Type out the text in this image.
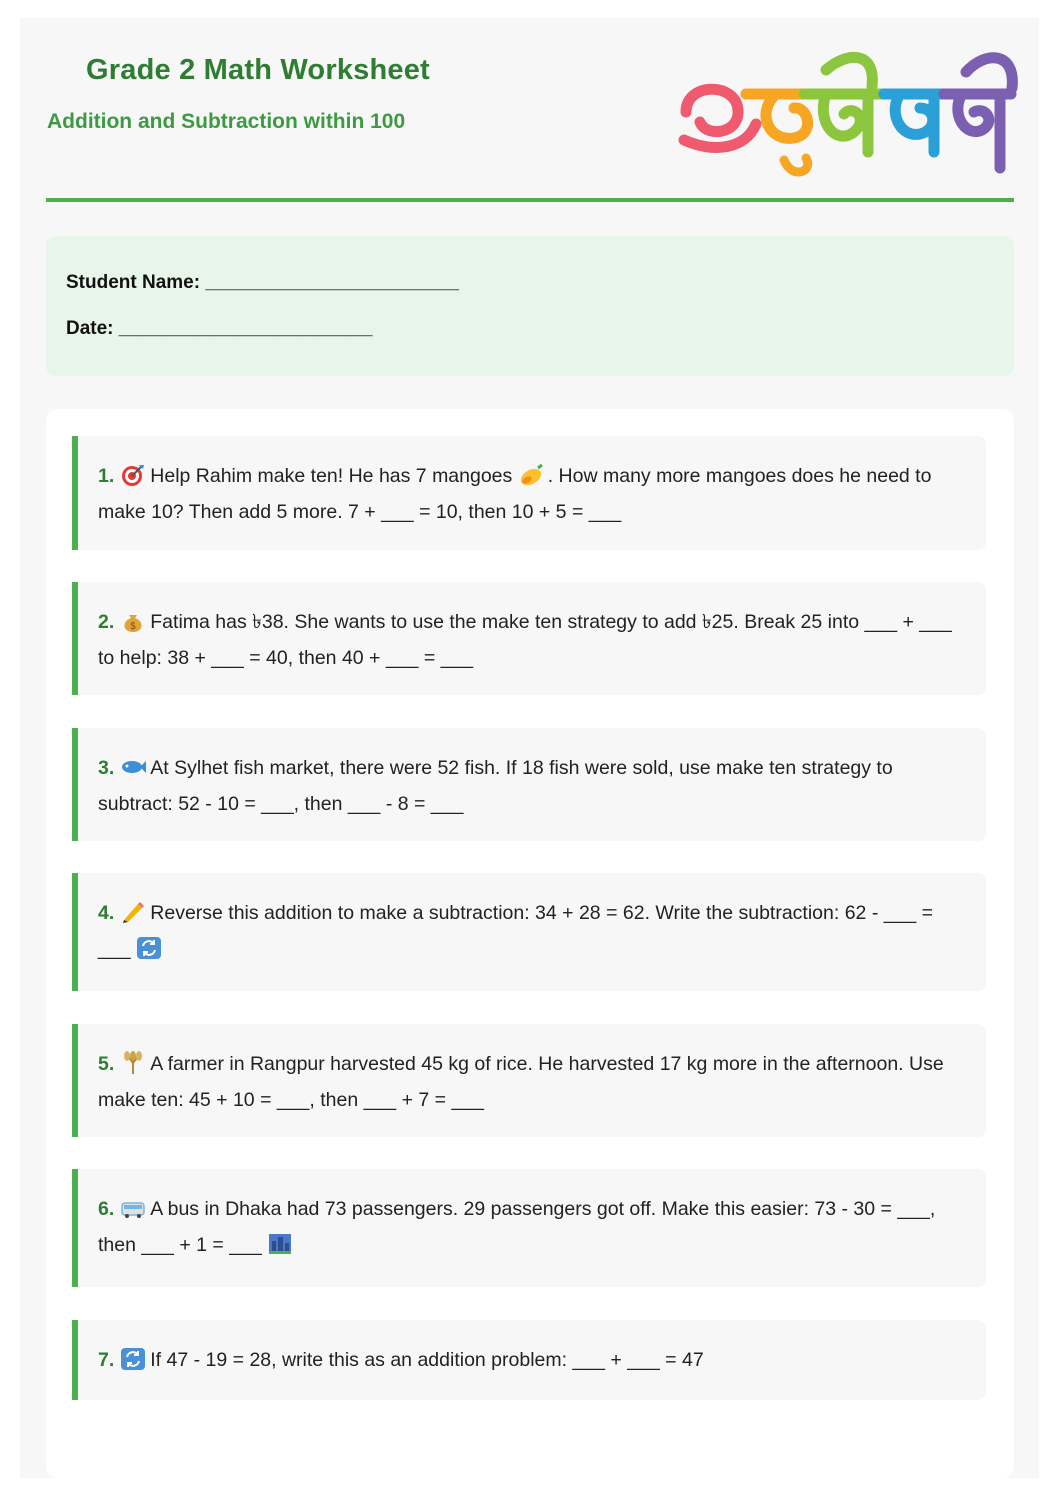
Grade 2 Math Worksheet
Addition and Subtraction within 100
Student Name: ________________________
Date: ________________________
1. Help Rahim make ten! He has 7 mangoes . How many more mangoes does he need to make 10? Then add 5 more. 7 + ___ = 10, then 10 + 5 = ___
2. $ Fatima has ৳38. She wants to use the make ten strategy to add ৳25. Break 25 into ___ + ___ to help: 38 + ___ = 40, then 40 + ___ = ___
3. At Sylhet fish market, there were 52 fish. If 18 fish were sold, use make ten strategy to subtract: 52 - 10 = ___, then ___ - 8 = ___
4. Reverse this addition to make a subtraction: 34 + 28 = 62. Write the subtraction: 62 - ___ = ___
5. A farmer in Rangpur harvested 45 kg of rice. He harvested 17 kg more in the afternoon. Use make ten: 45 + 10 = ___, then ___ + 7 = ___
6. A bus in Dhaka had 73 passengers. 29 passengers got off. Make this easier: 73 - 30 = ___, then ___ + 1 = ___
7. If 47 - 19 = 28, write this as an addition problem: ___ + ___ = 47
